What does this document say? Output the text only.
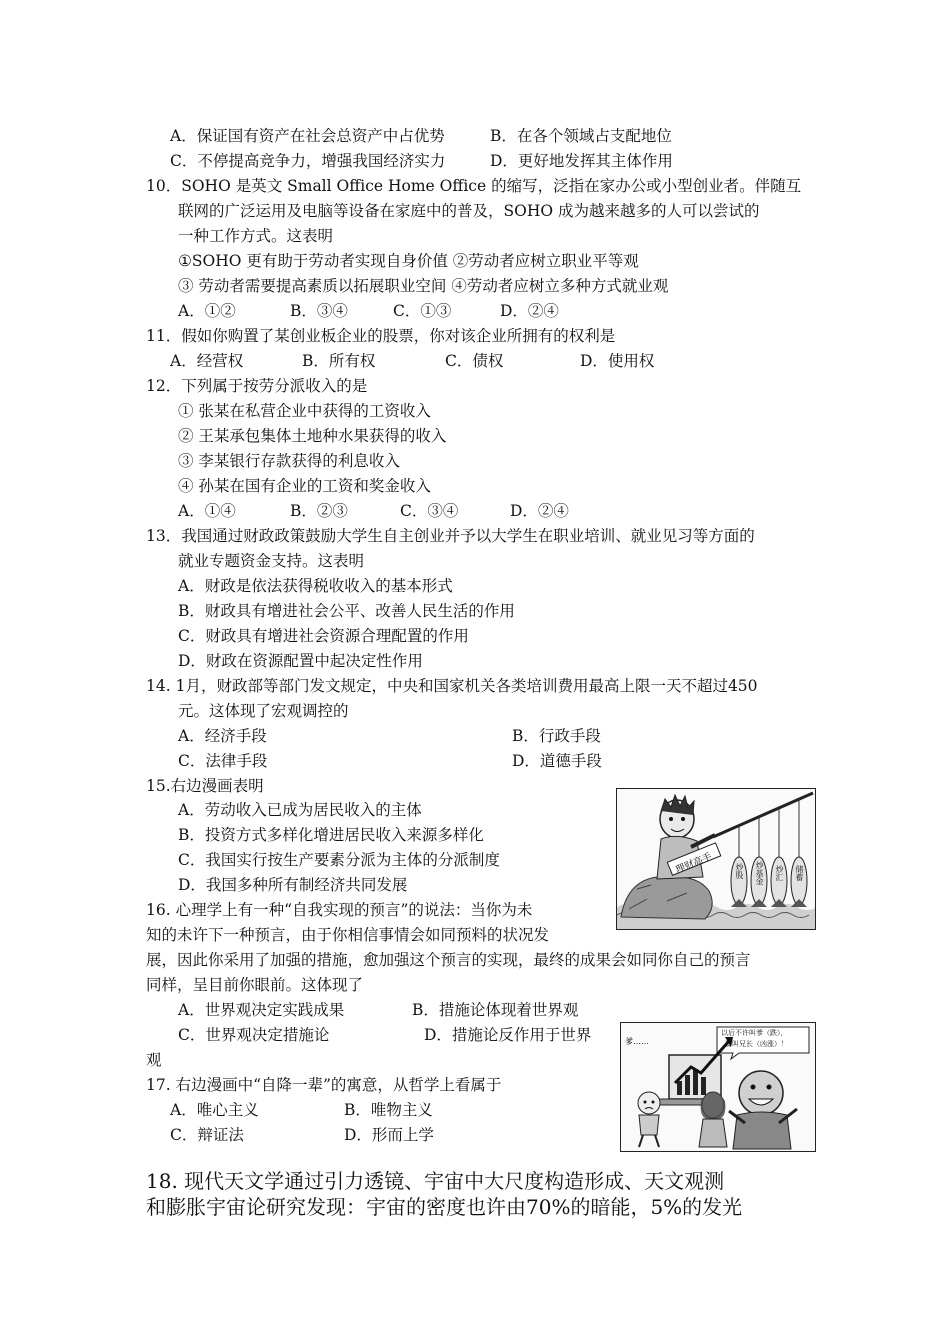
A．保证国有资产在社会总资产中占优势	B．在各个领域占支配地位
C．不停提高竞争力，增强我国经济实力	D．更好地发挥其主体作用
10．SOHO 是英文 Small Office Home Office 的缩写，泛指在家办公或小型创业者。伴随互
联网的广泛运用及电脑等设备在家庭中的普及，SOHO 成为越来越多的人可以尝试的
一种工作方式。这表明
①SOHO 更有助于劳动者实现自身价值 ②劳动者应树立职业平等观
③ 劳动者需要提高素质以拓展职业空间 ④劳动者应树立多种方式就业观
A．①②	B．③④	C．①③	D．②④
11．假如你购置了某创业板企业的股票，你对该企业所拥有的权利是
A．经营权	B．所有权	C．债权	D．使用权
12．下列属于按劳分派收入的是
① 张某在私营企业中获得的工资收入
② 王某承包集体土地种水果获得的收入
③ 李某银行存款获得的利息收入
④ 孙某在国有企业的工资和奖金收入
A．①④	B．②③	C．③④	D．②④
13．我国通过财政政策鼓励大学生自主创业并予以大学生在职业培训、就业见习等方面的
就业专题资金支持。这表明
A．财政是依法获得税收收入的基本形式
B．财政具有增进社会公平、改善人民生活的作用
C．财政具有增进社会资源合理配置的作用
D．财政在资源配置中起决定性作用
14. 1月，财政部等部门发文规定，中央和国家机关各类培训费用最高上限一天不超过450
元。这体现了宏观调控的
A．经济手段	B．行政手段
C．法律手段	D．道德手段
15.右边漫画表明
A．劳动收入已成为居民收入的主体
B．投资方式多样化增进居民收入来源多样化
C．我国实行按生产要素分派为主体的分派制度
D．我国多种所有制经济共同发展
理财高手	炒股 炒基金 炒汇 储蓄
16. 心理学上有一种“自我实现的预言”的说法：当你为未
知的未许下一种预言，由于你相信事情会如同预料的状况发
展，因此你采用了加强的措施，愈加强这个预言的实现，最终的成果会如同你自己的预言
同样，呈目前你眼前。这体现了
A．世界观决定实践成果	B．措施论体现着世界观
C．世界观决定措施论	D．措施论反作用于世界
观
以后不许叫爹（跌），
要叫兄长（凶涨）！
爹……
17. 右边漫画中“自降一辈”的寓意，从哲学上看属于
A．唯心主义	B．唯物主义
C．辩证法	D．形而上学
18. 现代天文学通过引力透镜、宇宙中大尺度构造形成、天文观测
和膨胀宇宙论研究发现：宇宙的密度也许由70%的暗能，5%的发光
